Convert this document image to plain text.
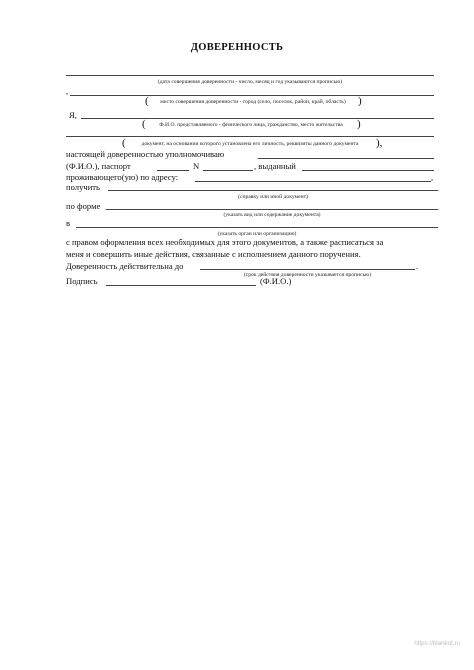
ДОВЕРЕННОСТЬ
(дата совершения доверенности - число, месяц и год указываются прописью)
,
(	место совершения доверенности - город (село, поселок, район, край, область)	)
Я,
(	Ф.И.О. представляемого - физического лица, гражданство, место жительства	)
(	документ, на основании которого установлена его личность, реквизиты данного документа	),
настоящей доверенностью уполномочиваю
(Ф.И.О.), паспорт	N	, выданный
проживающего(ую) по адресу:	,
получить
(справку или иной документ)
по форме
(указать вид или содержание документа)
в
(указать орган или организацию)
с правом оформления всех необходимых для этого документов, а также расписаться за
меня и совершить иные действия, связанные с исполнением данного поручения.
Доверенность действительна до	.
(срок действия доверенности указывается прописью)
Подпись	(Ф.И.О.)
https://blankof.ru
